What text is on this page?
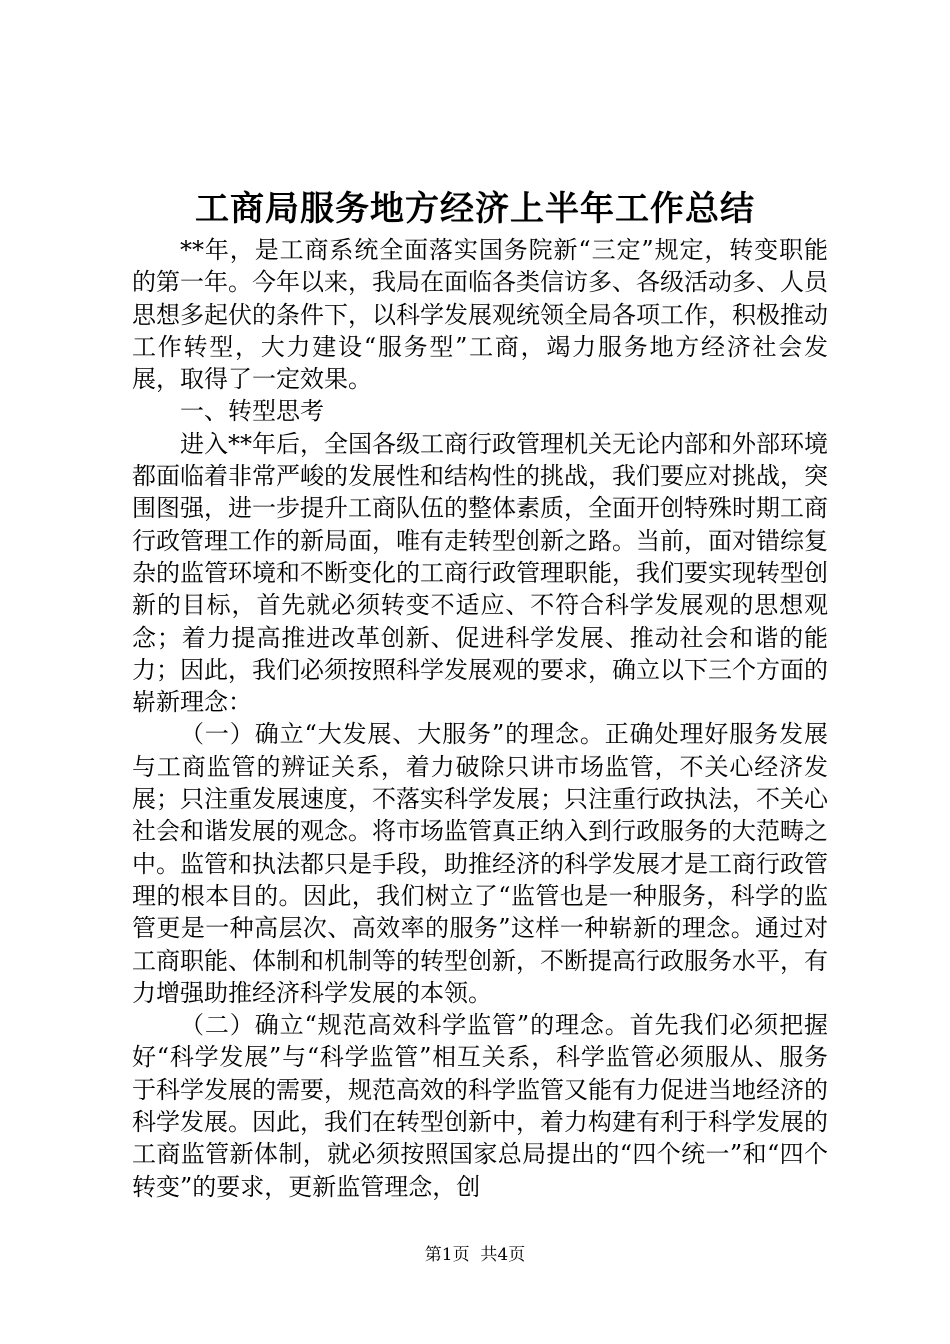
工商局服务地方经济上半年工作总结

**年，是工商系统全面落实国务院新“三定”规定，转变职能的第一年。今年以来，我局在面临各类信访多、各级活动多、人员思想多起伏的条件下，以科学发展观统领全局各项工作，积极推动工作转型，大力建设“服务型”工商，竭力服务地方经济社会发展，取得了一定效果。

一、转型思考

进入**年后，全国各级工商行政管理机关无论内部和外部环境都面临着非常严峻的发展性和结构性的挑战，我们要应对挑战，突围图强，进一步提升工商队伍的整体素质，全面开创特殊时期工商行政管理工作的新局面，唯有走转型创新之路。当前，面对错综复杂的监管环境和不断变化的工商行政管理职能，我们要实现转型创新的目标，首先就必须转变不适应、不符合科学发展观的思想观念；着力提高推进改革创新、促进科学发展、推动社会和谐的能力；因此，我们必须按照科学发展观的要求，确立以下三个方面的崭新理念：

（一）确立“大发展、大服务”的理念。正确处理好服务发展与工商监管的辨证关系，着力破除只讲市场监管，不关心经济发展；只注重发展速度，不落实科学发展；只注重行政执法，不关心社会和谐发展的观念。将市场监管真正纳入到行政服务的大范畴之中。监管和执法都只是手段，助推经济的科学发展才是工商行政管理的根本目的。因此，我们树立了“监管也是一种服务，科学的监管更是一种高层次、高效率的服务”这样一种崭新的理念。通过对工商职能、体制和机制等的转型创新，不断提高行政服务水平，有力增强助推经济科学发展的本领。

（二）确立“规范高效科学监管”的理念。首先我们必须把握好“科学发展”与“科学监管”相互关系，科学监管必须服从、服务于科学发展的需要，规范高效的科学监管又能有力促进当地经济的科学发展。因此，我们在转型创新中，着力构建有利于科学发展的工商监管新体制，就必须按照国家总局提出的“四个统一”和“四个转变”的要求，更新监管理念，创

第1页 共4页
